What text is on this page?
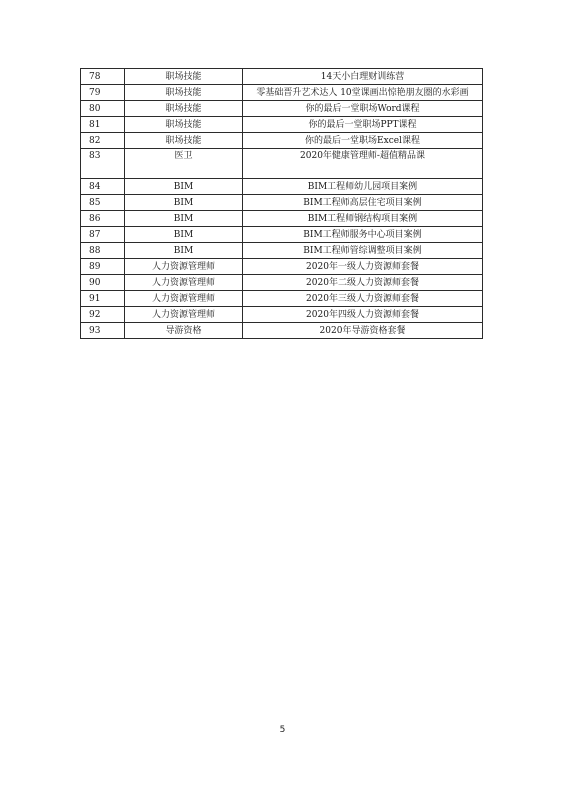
78	职场技能	14天小白理财训练营
79	职场技能	零基础晋升艺术达人 10堂课画出惊艳朋友圈的水彩画
80	职场技能	你的最后一堂职场Word课程
81	职场技能	你的最后一堂职场PPT课程
82	职场技能	你的最后一堂职场Excel课程
83	医卫	2020年健康管理师-超值精品课
84	BIM	BIM工程师幼儿园项目案例
85	BIM	BIM工程师高层住宅项目案例
86	BIM	BIM工程师钢结构项目案例
87	BIM	BIM工程师服务中心项目案例
88	BIM	BIM工程师管综调整项目案例
89	人力资源管理师	2020年一级人力资源师套餐
90	人力资源管理师	2020年二级人力资源师套餐
91	人力资源管理师	2020年三级人力资源师套餐
92	人力资源管理师	2020年四级人力资源师套餐
93	导游资格	2020年导游资格套餐
5
